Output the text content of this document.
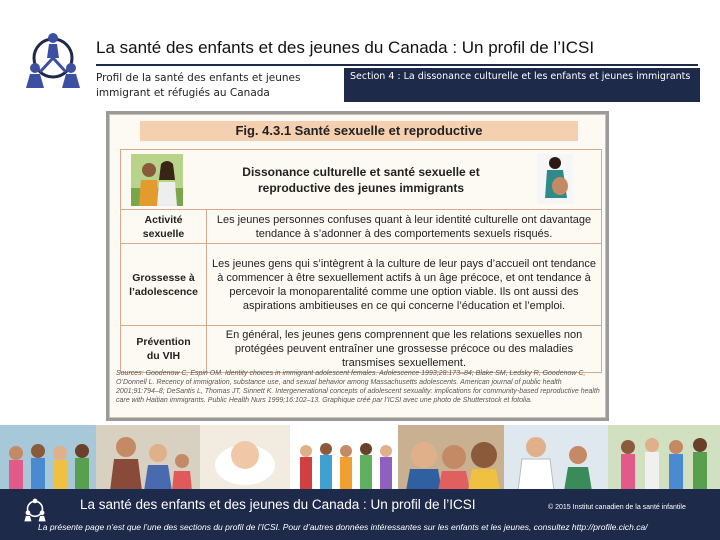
La santé des enfants et des jeunes du Canada : Un profil de l’ICSI
Profil de la santé des enfants et jeunes
immigrant et réfugiés au Canada
Section 4 : La dissonance culturelle et les enfants et jeunes immigrants
Fig. 4.3.1 Santé sexuelle et reproductive
Dissonance culturelle et santé sexuelle et
reproductive des jeunes immigrants	

Activité
sexuelle	Les jeunes personnes confuses quant à leur identité culturelle ont davantage tendance à s’adonner à des comportements sexuels risqués.

Grossesse à
l’adolescence	Les jeunes gens qui s’intègrent à la culture de leur pays d’accueil ont tendance à commencer à être sexuellement actifs à un âge précoce, et ont tendance à percevoir la monoparentalité comme une option viable. Ils ont aussi des aspirations ambitieuses en ce qui concerne l’éducation et l’emploi.

Prévention
du VIH	En général, les jeunes gens comprennent que les relations sexuelles non protégées peuvent entraîner une grossesse précoce ou des maladies transmises sexuellement.
Sources: Goodenow C, Espin OM. Identity choices in immigrant adolescent females. Adolescence 1993;28:173–84; Blake SM, Ledsky R, Goodenow C, O’Donnell L. Recency of immigration, substance use, and sexual behavior among Massachusetts adolescents. American journal of public health 2001;91:794–8; DeSantis L, Thomas JT, Sinnett K. Intergenerational concepts of adolescent sexuality: implications for community-based reproductive health care with Haitian immigrants. Public Health Nurs 1999;16:102–13. Graphique créé par l’ICSI avec une photo de Shutterstock et fotolia.
La santé des enfants et des jeunes du Canada : Un profil de l’ICSI	© 2015 Institut canadien de la santé infantile
La présente page n’est que l’une des sections du profil de l’ICSI. Pour d’autres données intéressantes sur les enfants et les jeunes, consultez http://profile.cich.ca/
